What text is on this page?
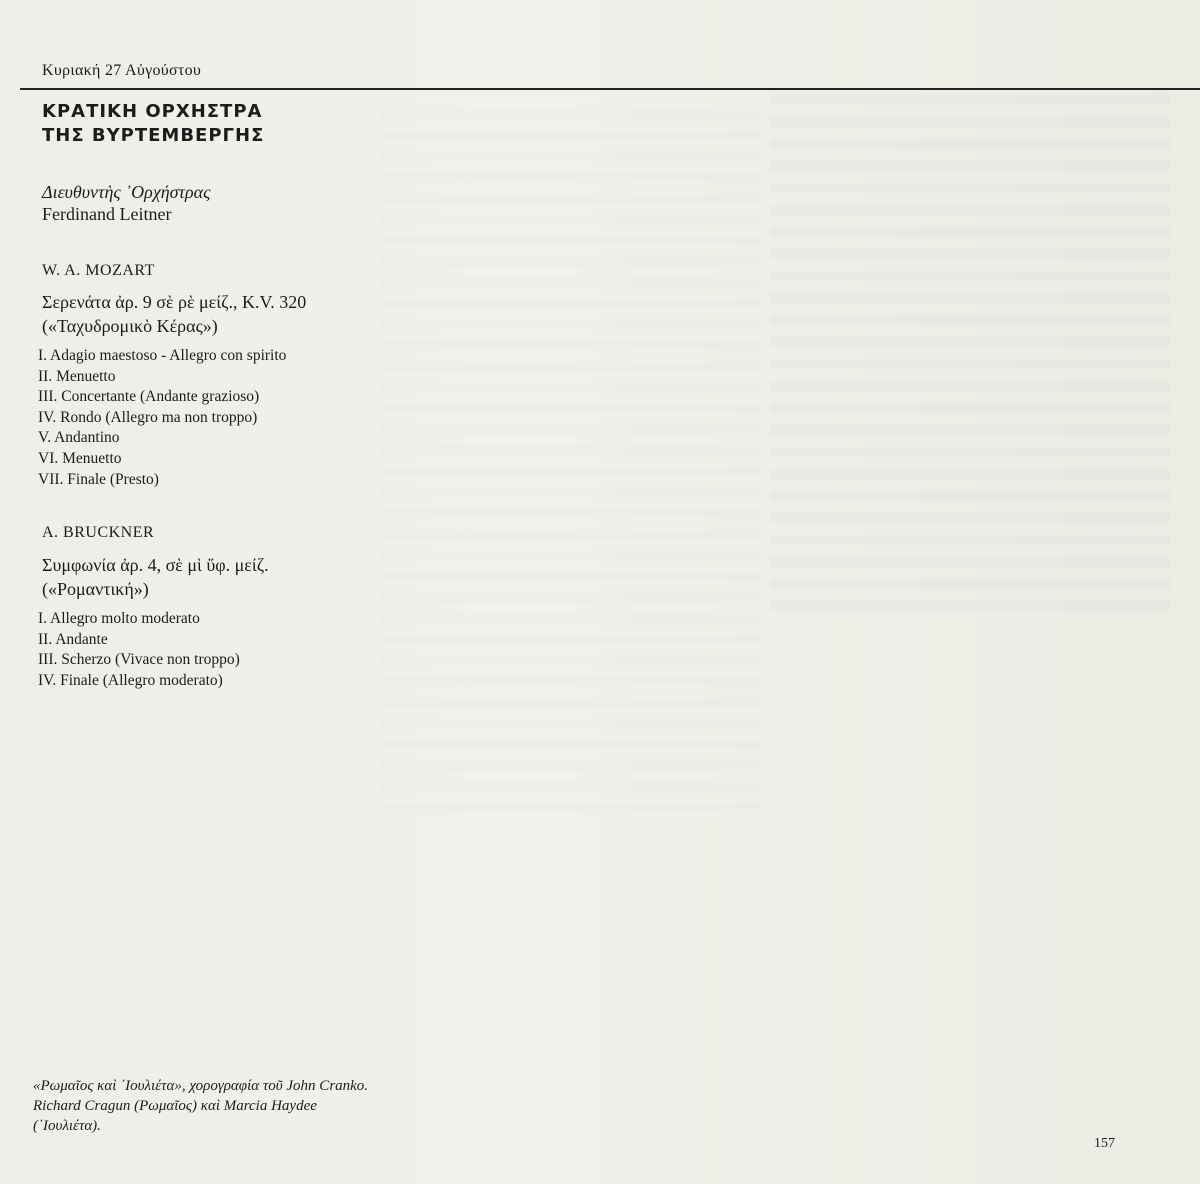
Κυριακή 27 Αὐγούστου
ΚΡΑΤΙΚΗ ΟΡΧΗΣΤΡΑ
ΤΗΣ ΒΥΡΤΕΜΒΕΡΓΗΣ
Διευθυντὴς ᾿Ορχήστρας
Ferdinand Leitner
W. A. MOZART
Σερενάτα ἀρ. 9 σὲ ρὲ μείζ., K.V. 320
(«Ταχυδρομικὸ Κέρας»)
I. Adagio maestoso - Allegro con spirito
II. Menuetto
III. Concertante (Andante grazioso)
IV. Rondo (Allegro ma non troppo)
V. Andantino
VI. Menuetto
VII. Finale (Presto)
A. BRUCKNER
Συμφωνία ἀρ. 4, σὲ μὶ ὕφ. μείζ.
(«Ρομαντική»)
I. Allegro molto moderato
II. Andante
III. Scherzo (Vivace non troppo)
IV. Finale (Allegro moderato)
«Ρωμαῖος καὶ ᾿Ιουλιέτα», χορογραφία τοῦ John Cranko.
Richard Cragun (Ρωμαῖος) καὶ Marcia Haydee
(᾿Ιουλιέτα).
157
